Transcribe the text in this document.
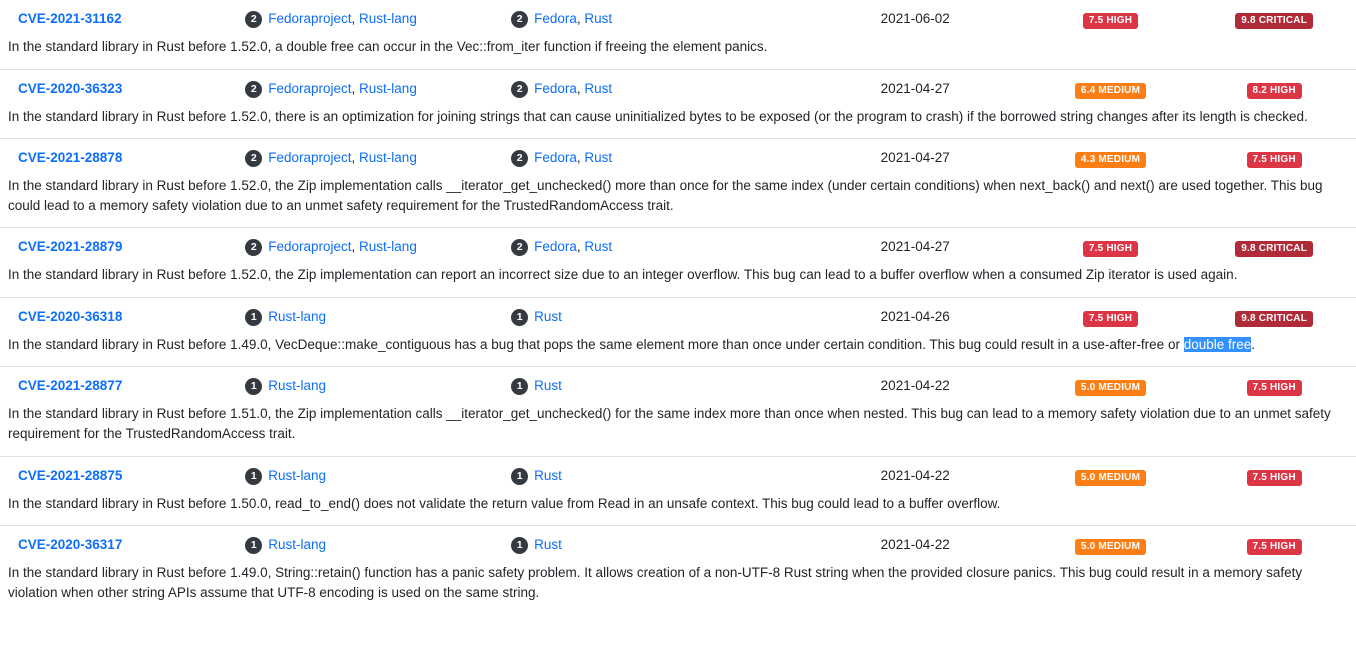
CVE-2021-31162	2 Fedoraproject, Rust-lang	2 Fedora, Rust	2021-06-02	7.5 HIGH	9.8 CRITICAL
In the standard library in Rust before 1.52.0, a double free can occur in the Vec::from_iter function if freeing the element panics.					
CVE-2020-36323	2 Fedoraproject, Rust-lang	2 Fedora, Rust	2021-04-27	6.4 MEDIUM	8.2 HIGH
In the standard library in Rust before 1.52.0, there is an optimization for joining strings that can cause uninitialized bytes to be exposed (or the program to crash) if the borrowed string changes after its length is checked.					
CVE-2021-28878	2 Fedoraproject, Rust-lang	2 Fedora, Rust	2021-04-27	4.3 MEDIUM	7.5 HIGH
In the standard library in Rust before 1.52.0, the Zip implementation calls __iterator_get_unchecked() more than once for the same index (under certain conditions) when next_back() and next() are used together. This bug could lead to a memory safety violation due to an unmet safety requirement for the TrustedRandomAccess trait.					
CVE-2021-28879	2 Fedoraproject, Rust-lang	2 Fedora, Rust	2021-04-27	7.5 HIGH	9.8 CRITICAL
In the standard library in Rust before 1.52.0, the Zip implementation can report an incorrect size due to an integer overflow. This bug can lead to a buffer overflow when a consumed Zip iterator is used again.					
CVE-2020-36318	1 Rust-lang	1 Rust	2021-04-26	7.5 HIGH	9.8 CRITICAL
In the standard library in Rust before 1.49.0, VecDeque::make_contiguous has a bug that pops the same element more than once under certain condition. This bug could result in a use-after-free or double free.					
CVE-2021-28877	1 Rust-lang	1 Rust	2021-04-22	5.0 MEDIUM	7.5 HIGH
In the standard library in Rust before 1.51.0, the Zip implementation calls __iterator_get_unchecked() for the same index more than once when nested. This bug can lead to a memory safety violation due to an unmet safety requirement for the TrustedRandomAccess trait.					
CVE-2021-28875	1 Rust-lang	1 Rust	2021-04-22	5.0 MEDIUM	7.5 HIGH
In the standard library in Rust before 1.50.0, read_to_end() does not validate the return value from Read in an unsafe context. This bug could lead to a buffer overflow.					
CVE-2020-36317	1 Rust-lang	1 Rust	2021-04-22	5.0 MEDIUM	7.5 HIGH
In the standard library in Rust before 1.49.0, String::retain() function has a panic safety problem. It allows creation of a non-UTF-8 Rust string when the provided closure panics. This bug could result in a memory safety violation when other string APIs assume that UTF-8 encoding is used on the same string.					
